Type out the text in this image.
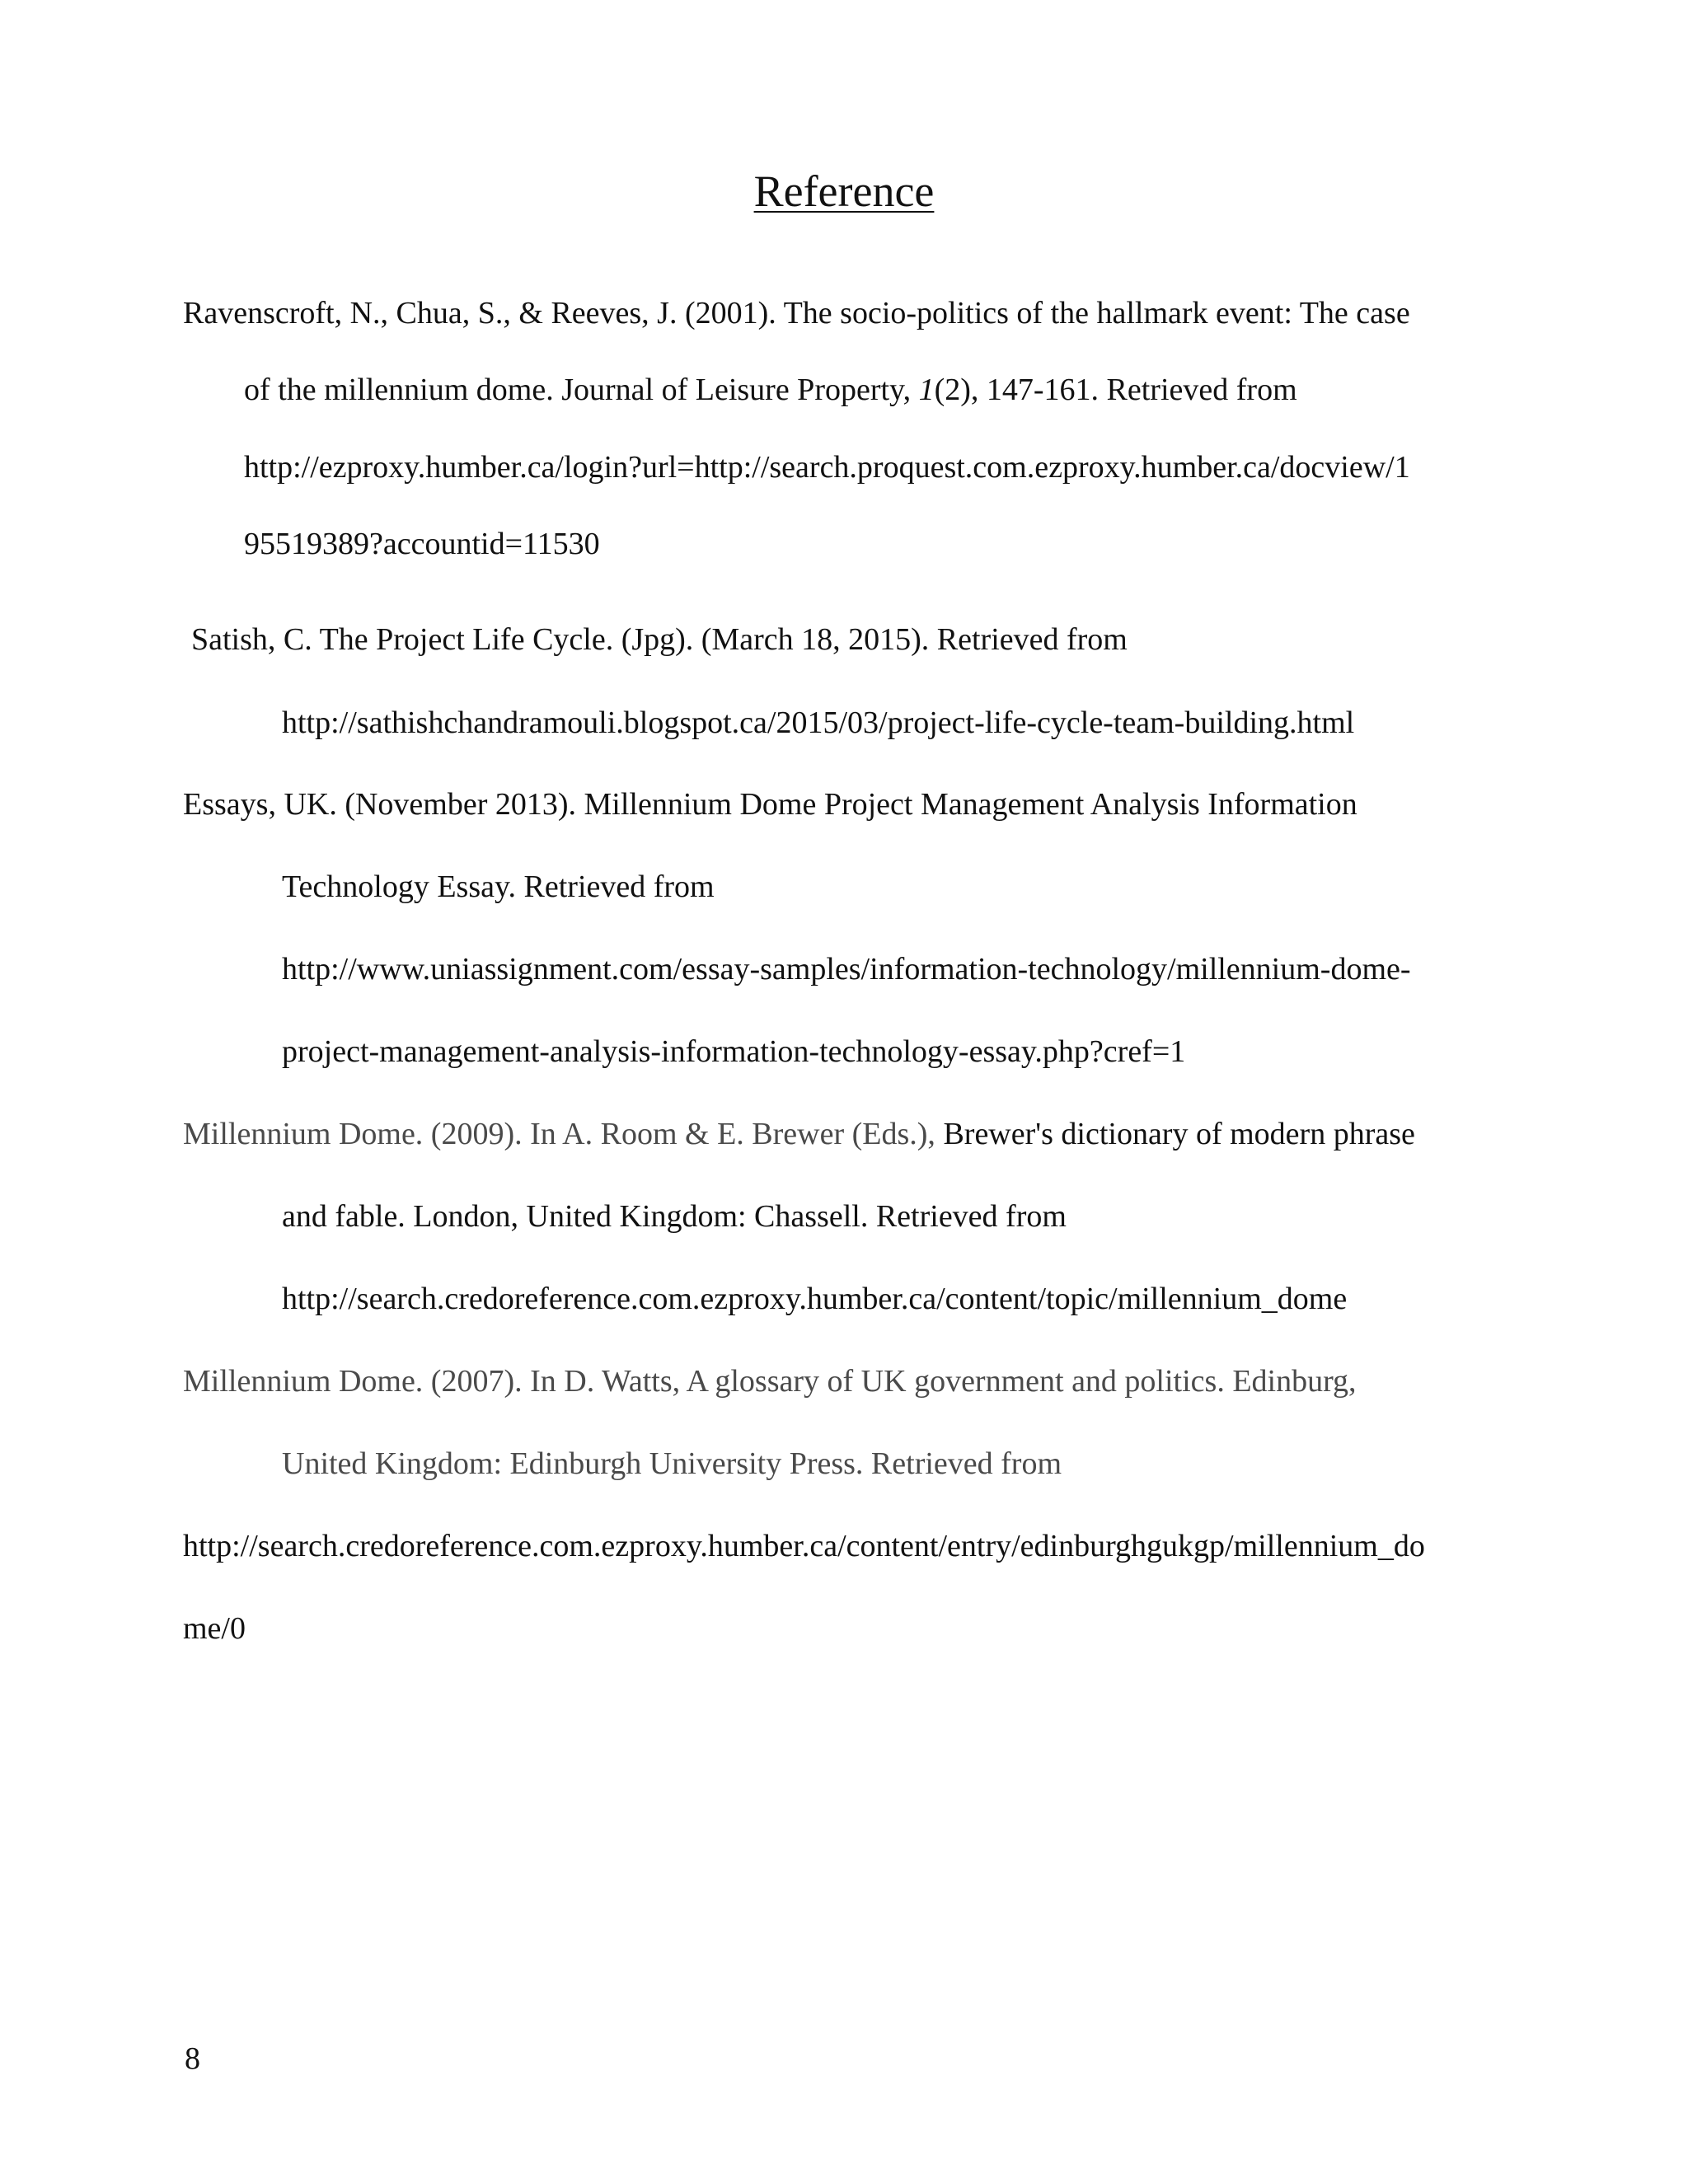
Reference
Ravenscroft, N., Chua, S., & Reeves, J. (2001). The socio-politics of the hallmark event: The case
of the millennium dome. Journal of Leisure Property, 1(2), 147-161. Retrieved from
http://ezproxy.humber.ca/login?url=http://search.proquest.com.ezproxy.humber.ca/docview/1
95519389?accountid=11530
Satish, C. The Project Life Cycle. (Jpg). (March 18, 2015). Retrieved from
http://sathishchandramouli.blogspot.ca/2015/03/project-life-cycle-team-building.html
Essays, UK. (November 2013). Millennium Dome Project Management Analysis Information
Technology Essay. Retrieved from
http://www.uniassignment.com/essay-samples/information-technology/millennium-dome-
project-management-analysis-information-technology-essay.php?cref=1
Millennium Dome. (2009). In A. Room & E. Brewer (Eds.), Brewer's dictionary of modern phrase
and fable. London, United Kingdom: Chassell. Retrieved from
http://search.credoreference.com.ezproxy.humber.ca/content/topic/millennium_dome
Millennium Dome. (2007). In D. Watts, A glossary of UK government and politics. Edinburg,
United Kingdom: Edinburgh University Press. Retrieved from
http://search.credoreference.com.ezproxy.humber.ca/content/entry/edinburghgukgp/millennium_do
me/0
8
